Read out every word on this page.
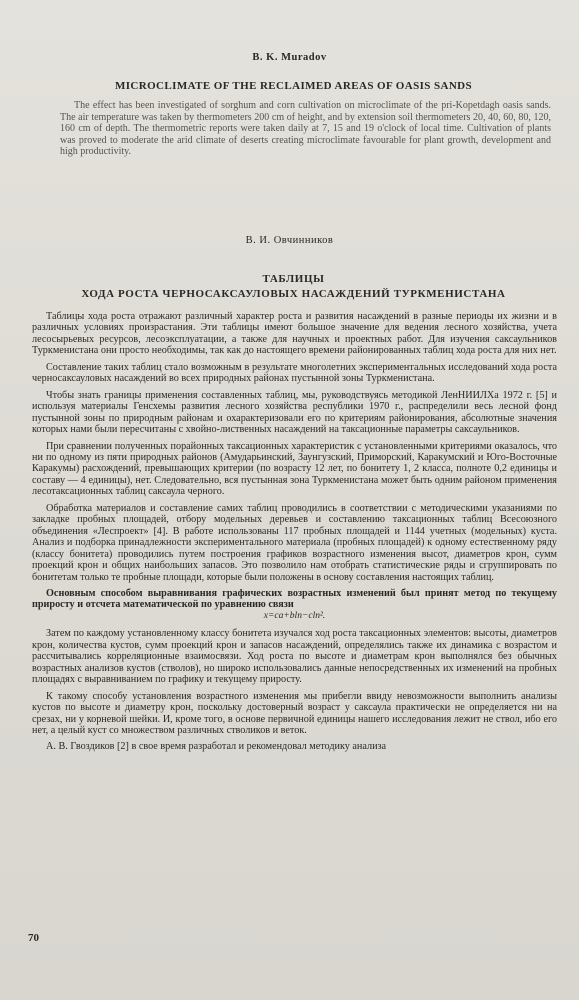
B. K. Muradov
MICROCLIMATE OF THE RECLAIMED AREAS OF OASIS SANDS

The effect has been investigated of sorghum and corn cultivation on microclimate of the pri-Kopetdagh oasis sands. The air temperature was taken by thermometers 200 cm of height, and by extension soil thermometers 20, 40, 60, 80, 120, 160 cm of depth. The thermometric reports were taken daily at 7, 15 and 19 o'clock of local time. Cultivation of plants was proved to moderate the arid climate of deserts creating microclimate favourable for plant growth, development and high productivity.

В. И. Овчинников
ТАБЛИЦЫ
ХОДА РОСТА ЧЕРНОСАКСАУЛОВЫХ НАСАЖДЕНИЙ ТУРКМЕНИСТАНА

Таблицы хода роста отражают различный характер роста и развития насаждений в разные периоды их жизни и в различных условиях произрастания. Эти таблицы имеют большое значение для ведения лесного хозяйства, учета лесосырьевых ресурсов, лесоэксплуатации, а также для научных и проектных работ. Для изучения саксаульников Туркменистана они просто необходимы, так как до настоящего времени районированных таблиц хода роста для них нет.

Составление таких таблиц стало возможным в результате многолетних экспериментальных исследований хода роста черносаксауловых насаждений во всех природных районах пустынной зоны Туркменистана.

Чтобы знать границы применения составленных таблиц, мы, руководствуясь методикой ЛенНИИЛХа 1972 г. [5] и используя материалы Генсхемы развития лесного хозяйства республики 1970 г., распределили весь лесной фонд пустынной зоны по природным районам и охарактеризовали его по критериям районирования, абсолютные значения которых нами были пересчитаны с хвойно-лиственных насаждений на таксационные параметры саксаульников.

При сравнении полученных порайонных таксационных характеристик с установленными критериями оказалось, что ни по одному из пяти природных районов (Амударьинский, Заунгузский, Приморский, Каракумский и Юго-Восточные Каракумы) расхождений, превышающих критерии (по возрасту 12 лет, по бонитету 1, 2 класса, полноте 0,2 единицы и составу — 4 единицы), нет. Следовательно, вся пустынная зона Туркменистана может быть одним районом применения лесотаксационных таблиц саксаула черного.

Обработка материалов и составление самих таблиц проводились в соответствии с методическими указаниями по закладке пробных площадей, отбору модельных деревьев и составлению таксационных таблиц Всесоюзного объединения «Леспроект» [4]. В работе использованы 117 пробных площадей и 1144 учетных (модельных) куста. Анализ и подборка принадлежности экспериментального материала (пробных площадей) к одному естественному ряду (классу бонитета) проводились путем построения графиков возрастного изменения высот, диаметров крон, сумм проекций крон и общих наибольших запасов. Это позволило нам отобрать статистические ряды и сгруппировать по бонитетам только те пробные площади, которые были положены в основу составления настоящих таблиц.

Основным способом выравнивания графических возрастных изменений был принят метод по текущему приросту и отсчета математической по уравнению связи

x=ca+bln−cln².

Затем по каждому установленному классу бонитета изучался ход роста таксационных элементов: высоты, диаметров крон, количества кустов, сумм проекций крон и запасов насаждений, определялись также их динамика с возрастом и рассчитывались корреляционные взаимосвязи. Ход роста по высоте и диаметрам крон выполнялся без обычных возрастных анализов кустов (стволов), но широко использовались данные непосредственных их изменений на пробных площадях с выравниванием по графику и текущему приросту.

К такому способу установления возрастного изменения мы прибегли ввиду невозможности выполнить анализы кустов по высоте и диаметру крон, поскольку достоверный возраст у саксаула практически не определяется ни на срезах, ни у корневой шейки. И, кроме того, в основе первичной единицы нашего исследования лежит не ствол, ибо его нет, а целый куст со множеством различных стволиков и веток.

А. В. Гвоздиков [2] в свое время разработал и рекомендовал методику анализа

70
